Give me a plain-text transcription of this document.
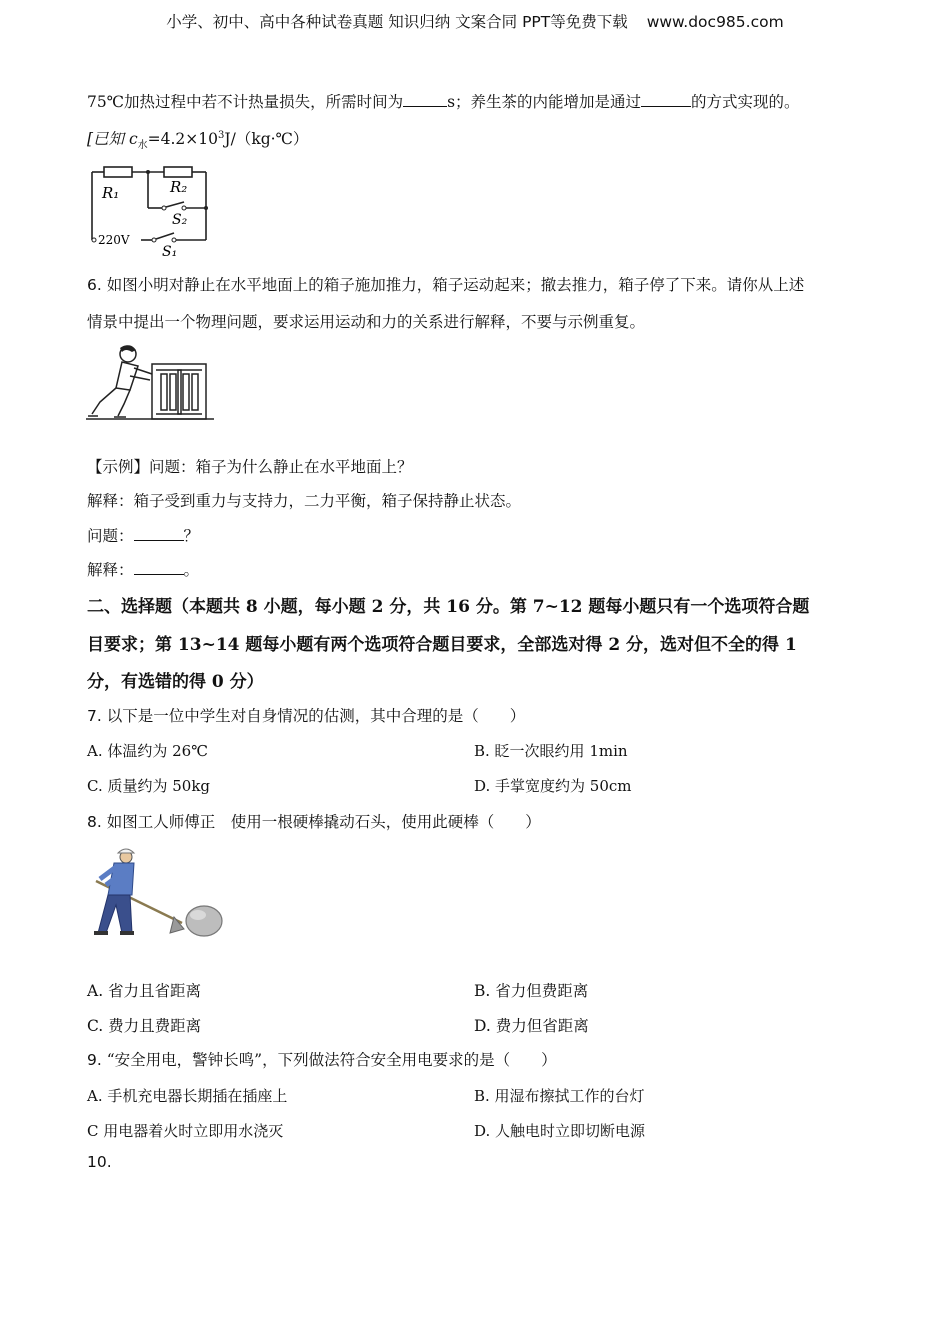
小学、初中、高中各种试卷真题 知识归纳 文案合同 PPT等免费下载 www.doc985.com
75℃加热过程中若不计热量损失，所需时间为	s；养生茶的内能增加是通过	的方式实现的。
[已知 $c_水=4.2\times 10^3J/(kg\cdot℃)$
R₁	R₂
S₂
220V
S₁
6. 如图小明对静止在水平地面上的箱子施加推力，箱子运动起来；撤去推力，箱子停了下来。请你从上述
情景中提出一个物理问题，要求运用运动和力的关系进行解释，不要与示例重复。
【示例】问题：箱子为什么静止在水平地面上？
解释：箱子受到重力与支持力，二力平衡，箱子保持静止状态。
问题：	？
解释：	。
二、选择题（本题共 8 小题，每小题 2 分，共 16 分。第 7~12 题每小题只有一个选项符合题
目要求；第 13~14 题每小题有两个选项符合题目要求，全部选对得 2 分，选对但不全的得 1
分，有选错的得 0 分）
7. 以下是一位中学生对自身情况的估测，其中合理的是（　　）
A. 体温约为 26℃	B. 眨一次眼约用 1min
C. 质量约为 50kg	D. 手掌宽度约为 50cm
8. 如图工人师傅正　使用一根硬棒撬动石头，使用此硬棒（　　）
A. 省力且省距离	B. 省力但费距离
C. 费力且费距离	D. 费力但省距离
9. “安全用电，警钟长鸣”，下列做法符合安全用电要求的是（　　）
A. 手机充电器长期插在插座上	B. 用湿布擦拭工作的台灯
C 用电器着火时立即用水浇灭	D. 人触电时立即切断电源
10.
